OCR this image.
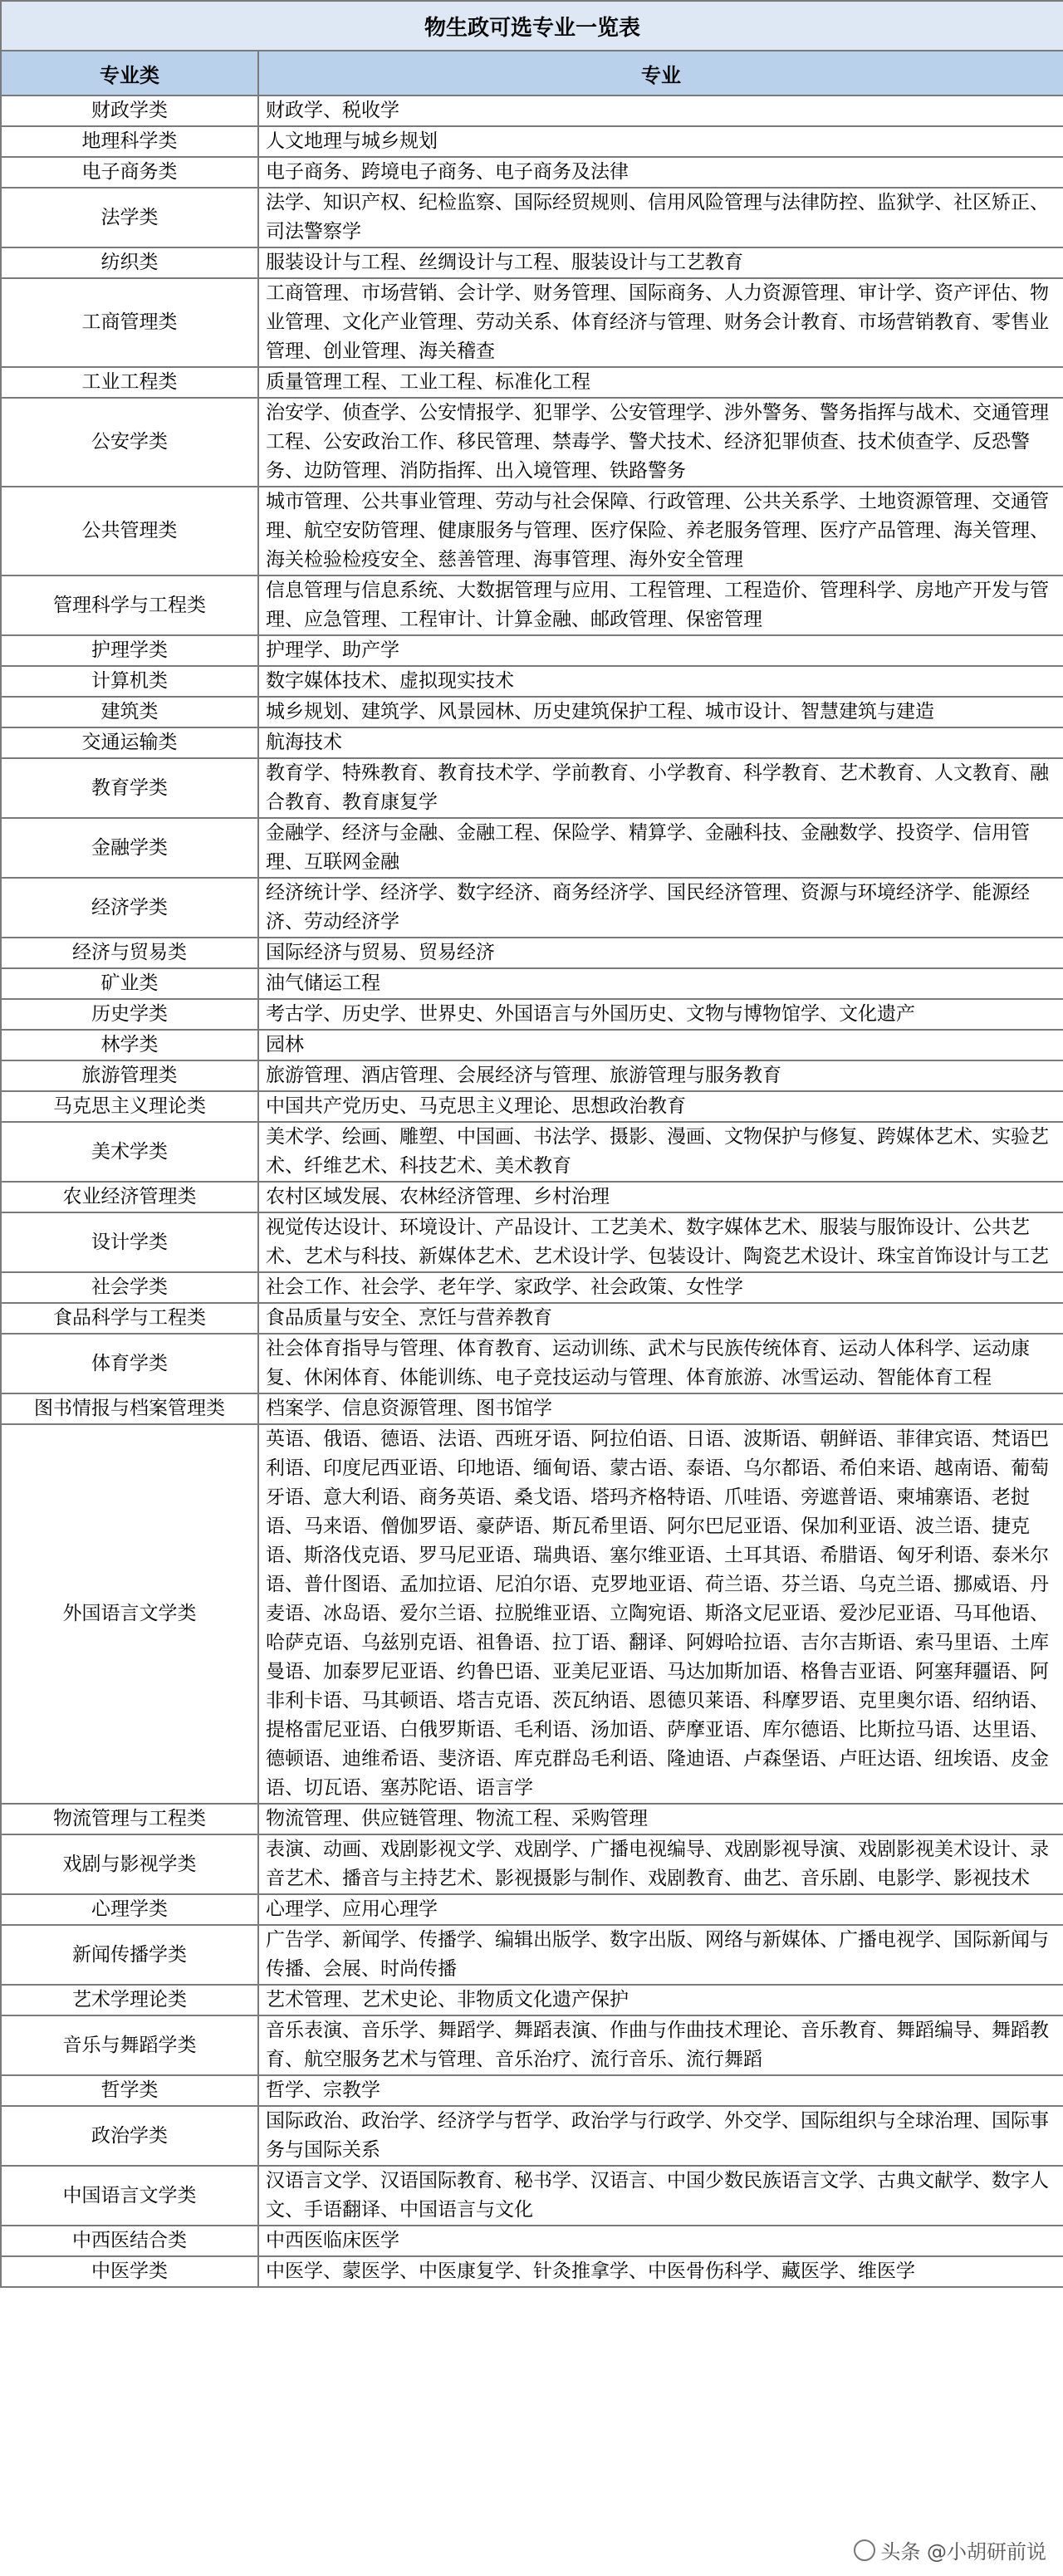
物生政可选专业一览表	
专业类	专业
财政学类	财政学、税收学
地理科学类	人文地理与城乡规划
电子商务类	电子商务、跨境电子商务、电子商务及法律
法学类	法学、知识产权、纪检监察、国际经贸规则、信用风险管理与法律防控、监狱学、社区矫正、司法警察学
纺织类	服装设计与工程、丝绸设计与工程、服装设计与工艺教育
工商管理类	工商管理、市场营销、会计学、财务管理、国际商务、人力资源管理、审计学、资产评估、物业管理、文化产业管理、劳动关系、体育经济与管理、财务会计教育、市场营销教育、零售业管理、创业管理、海关稽查
工业工程类	质量管理工程、工业工程、标准化工程
公安学类	治安学、侦查学、公安情报学、犯罪学、公安管理学、涉外警务、警务指挥与战术、交通管理工程、公安政治工作、移民管理、禁毒学、警犬技术、经济犯罪侦查、技术侦查学、反恐警务、边防管理、消防指挥、出入境管理、铁路警务
公共管理类	城市管理、公共事业管理、劳动与社会保障、行政管理、公共关系学、土地资源管理、交通管理、航空安防管理、健康服务与管理、医疗保险、养老服务管理、医疗产品管理、海关管理、海关检验检疫安全、慈善管理、海事管理、海外安全管理
管理科学与工程类	信息管理与信息系统、大数据管理与应用、工程管理、工程造价、管理科学、房地产开发与管理、应急管理、工程审计、计算金融、邮政管理、保密管理
护理学类	护理学、助产学
计算机类	数字媒体技术、虚拟现实技术
建筑类	城乡规划、建筑学、风景园林、历史建筑保护工程、城市设计、智慧建筑与建造
交通运输类	航海技术
教育学类	教育学、特殊教育、教育技术学、学前教育、小学教育、科学教育、艺术教育、人文教育、融合教育、教育康复学
金融学类	金融学、经济与金融、金融工程、保险学、精算学、金融科技、金融数学、投资学、信用管理、互联网金融
经济学类	经济统计学、经济学、数字经济、商务经济学、国民经济管理、资源与环境经济学、能源经济、劳动经济学
经济与贸易类	国际经济与贸易、贸易经济
矿业类	油气储运工程
历史学类	考古学、历史学、世界史、外国语言与外国历史、文物与博物馆学、文化遗产
林学类	园林
旅游管理类	旅游管理、酒店管理、会展经济与管理、旅游管理与服务教育
马克思主义理论类	中国共产党历史、马克思主义理论、思想政治教育
美术学类	美术学、绘画、雕塑、中国画、书法学、摄影、漫画、文物保护与修复、跨媒体艺术、实验艺术、纤维艺术、科技艺术、美术教育
农业经济管理类	农村区域发展、农林经济管理、乡村治理
设计学类	视觉传达设计、环境设计、产品设计、工艺美术、数字媒体艺术、服装与服饰设计、公共艺术、艺术与科技、新媒体艺术、艺术设计学、包装设计、陶瓷艺术设计、珠宝首饰设计与工艺
社会学类	社会工作、社会学、老年学、家政学、社会政策、女性学
食品科学与工程类	食品质量与安全、烹饪与营养教育
体育学类	社会体育指导与管理、体育教育、运动训练、武术与民族传统体育、运动人体科学、运动康复、休闲体育、体能训练、电子竞技运动与管理、体育旅游、冰雪运动、智能体育工程
图书情报与档案管理类	档案学、信息资源管理、图书馆学
外国语言文学类	英语、俄语、德语、法语、西班牙语、阿拉伯语、日语、波斯语、朝鲜语、菲律宾语、梵语巴利语、印度尼西亚语、印地语、缅甸语、蒙古语、泰语、乌尔都语、希伯来语、越南语、葡萄牙语、意大利语、商务英语、桑戈语、塔玛齐格特语、爪哇语、旁遮普语、柬埔寨语、老挝语、马来语、僧伽罗语、豪萨语、斯瓦希里语、阿尔巴尼亚语、保加利亚语、波兰语、捷克语、斯洛伐克语、罗马尼亚语、瑞典语、塞尔维亚语、土耳其语、希腊语、匈牙利语、泰米尔语、普什图语、孟加拉语、尼泊尔语、克罗地亚语、荷兰语、芬兰语、乌克兰语、挪威语、丹麦语、冰岛语、爱尔兰语、拉脱维亚语、立陶宛语、斯洛文尼亚语、爱沙尼亚语、马耳他语、哈萨克语、乌兹别克语、祖鲁语、拉丁语、翻译、阿姆哈拉语、吉尔吉斯语、索马里语、土库曼语、加泰罗尼亚语、约鲁巴语、亚美尼亚语、马达加斯加语、格鲁吉亚语、阿塞拜疆语、阿非利卡语、马其顿语、塔吉克语、茨瓦纳语、恩德贝莱语、科摩罗语、克里奥尔语、绍纳语、提格雷尼亚语、白俄罗斯语、毛利语、汤加语、萨摩亚语、库尔德语、比斯拉马语、达里语、德顿语、迪维希语、斐济语、库克群岛毛利语、隆迪语、卢森堡语、卢旺达语、纽埃语、皮金语、切瓦语、塞苏陀语、语言学
物流管理与工程类	物流管理、供应链管理、物流工程、采购管理
戏剧与影视学类	表演、动画、戏剧影视文学、戏剧学、广播电视编导、戏剧影视导演、戏剧影视美术设计、录音艺术、播音与主持艺术、影视摄影与制作、戏剧教育、曲艺、音乐剧、电影学、影视技术
心理学类	心理学、应用心理学
新闻传播学类	广告学、新闻学、传播学、编辑出版学、数字出版、网络与新媒体、广播电视学、国际新闻与传播、会展、时尚传播
艺术学理论类	艺术管理、艺术史论、非物质文化遗产保护
音乐与舞蹈学类	音乐表演、音乐学、舞蹈学、舞蹈表演、作曲与作曲技术理论、音乐教育、舞蹈编导、舞蹈教育、航空服务艺术与管理、音乐治疗、流行音乐、流行舞蹈
哲学类	哲学、宗教学
政治学类	国际政治、政治学、经济学与哲学、政治学与行政学、外交学、国际组织与全球治理、国际事务与国际关系
中国语言文学类	汉语言文学、汉语国际教育、秘书学、汉语言、中国少数民族语言文学、古典文献学、数字人文、手语翻译、中国语言与文化
中西医结合类	中西医临床医学
中医学类	中医学、蒙医学、中医康复学、针灸推拿学、中医骨伤科学、藏医学、维医学
头条 @小胡研前说
